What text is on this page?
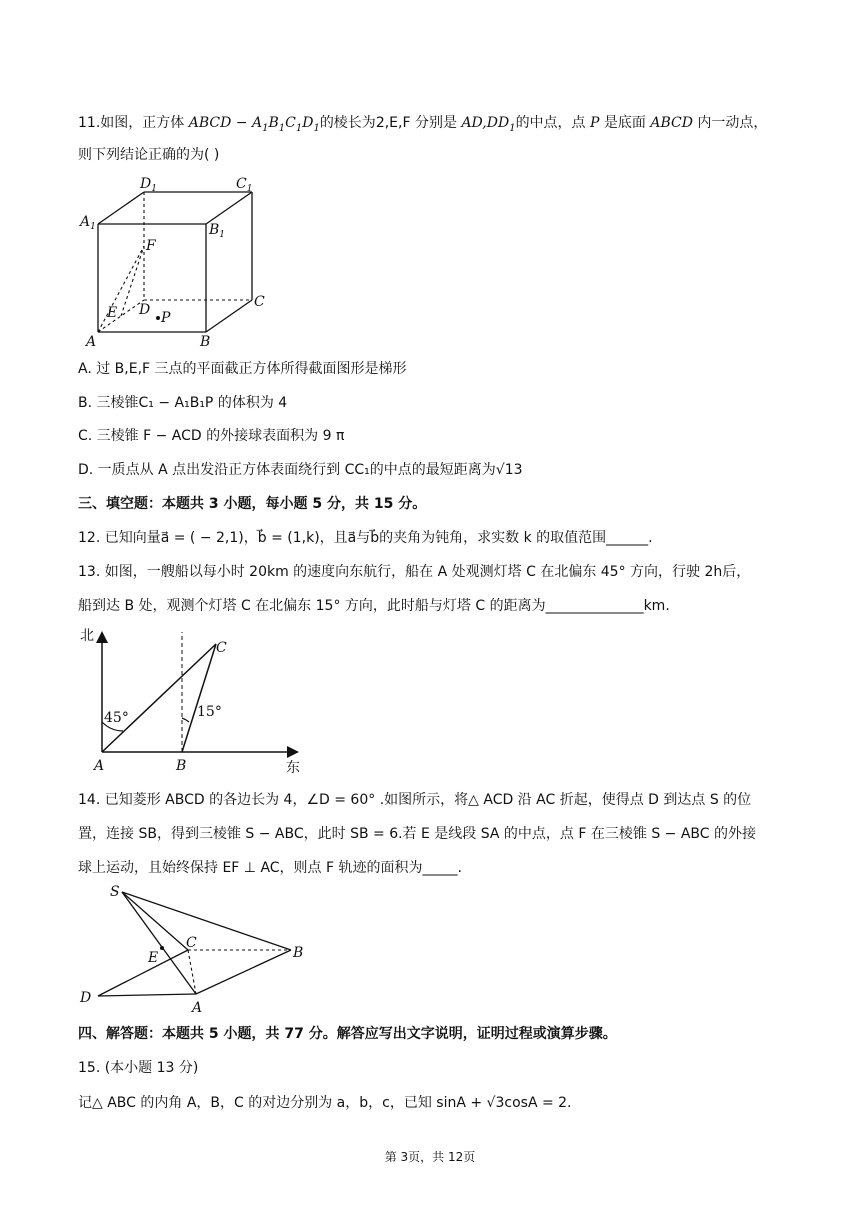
11.如图，正方体 ABCD − $A_1B_1C_1D_1$的棱长为2,E,F 分别是 $AD,DD_1$的中点，点 P 是底面 ABCD 内一动点，
则下列结论正确的为( )
$D_1$	$C_1$
$A_1$	$B_1$
F
C
E D P
A	B
A. 过 B,E,F 三点的平面截正方体所得截面图形是梯形
B. 三棱锥C₁ − A₁B₁P 的体积为 4
C. 三棱锥 F − ACD 的外接球表面积为 9 π
D. 一质点从 A 点出发沿正方体表面绕行到 CC₁的中点的最短距离为√13
三、填空题：本题共 3 小题，每小题 5 分，共 15 分。
12. 已知向量a⃗ = ( − 2,1)，b⃗ = (1,k)，且a⃗与b⃗的夹角为钝角，求实数 k 的取值范围______.
13. 如图，一艘船以每小时 20km 的速度向东航行，船在 A 处观测灯塔 C 在北偏东 45° 方向，行驶 2h后，
船到达 B 处，观测个灯塔 C 在北偏东 15° 方向，此时船与灯塔 C 的距离为______________km.
北
东
A	B
C
45°	15°
14. 已知菱形 ABCD 的各边长为 4，∠D = 60° .如图所示，将△ ACD 沿 AC 折起，使得点 D 到达点 S 的位
置，连接 SB，得到三棱锥 S − ABC，此时 SB = 6.若 E 是线段 SA 的中点，点 F 在三棱锥 S − ABC 的外接
球上运动，且始终保持 EF ⊥ AC，则点 F 轨迹的面积为_____.
S
C
E	B
D
A
四、解答题：本题共 5 小题，共 77 分。解答应写出文字说明，证明过程或演算步骤。
15. (本小题 13 分)
记△ ABC 的内角 A，B，C 的对边分别为 a，b，c，已知 sinA + √3cosA = 2.
第 3页，共 12页
